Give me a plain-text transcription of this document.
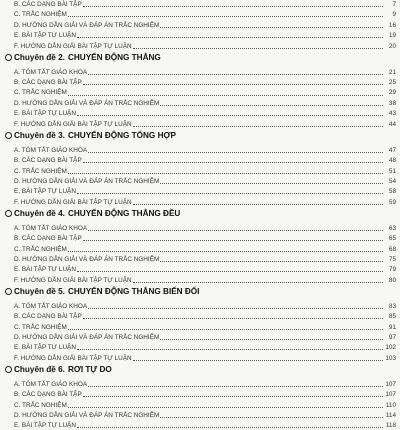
B. CÁC DẠNG BÀI TẬP	7
C. TRẮC NGHIỆM	9
D. HƯỚNG DẪN GIẢI VÀ ĐÁP ÁN TRẮC NGHIỆM	16
E. BÀI TẬP TỰ LUẬN	19
F. HƯỚNG DẪN GIẢI BÀI TẬP TỰ LUẬN	20
Chuyên đề 2. CHUYỂN ĐỘNG THẲNG
A. TÓM TẮT GIÁO KHOA	21
B. CÁC DẠNG BÀI TẬP	25
C. TRẮC NGHIỆM	29
D. HƯỚNG DẪN GIẢI VÀ ĐÁP ÁN TRẮC NGHIỆM	38
E. BÀI TẬP TỰ LUẬN	43
F. HƯỚNG DẪN GIẢI BÀI TẬP TỰ LUẬN	44
Chuyên đề 3. CHUYỂN ĐỘNG TỔNG HỢP
A. TÓM TẮT GIÁO KHOA	47
B. CÁC DẠNG BÀI TẬP	48
C. TRẮC NGHIỆM	51
D. HƯỚNG DẪN GIẢI VÀ ĐÁP ÁN TRẮC NGHIỆM	54
E. BÀI TẬP TỰ LUẬN	58
F. HƯỚNG DẪN GIẢI BÀI TẬP TỰ LUẬN	59
Chuyên đề 4. CHUYỂN ĐỘNG THẲNG ĐỀU
A. TÓM TẮT GIÁO KHOA	63
B. CÁC DẠNG BÀI TẬP	65
C. TRẮC NGHIỆM	68
D. HƯỚNG DẪN GIẢI VÀ ĐÁP ÁN TRẮC NGHIỆM	75
E. BÀI TẬP TỰ LUẬN	79
F. HƯỚNG DẪN GIẢI BÀI TẬP TỰ LUẬN	80
Chuyên đề 5. CHUYỂN ĐỘNG THẲNG BIẾN ĐỔI
A. TÓM TẮT GIÁO KHOA	83
B. CÁC DẠNG BÀI TẬP	85
C. TRẮC NGHIỆM	91
D. HƯỚNG DẪN GIẢI VÀ ĐÁP ÁN TRẮC NGHIỆM	97
E. BÀI TẬP TỰ LUẬN	102
F. HƯỚNG DẪN GIẢI BÀI TẬP TỰ LUẬN	103
Chuyên đề 6. RƠI TỰ DO
A. TÓM TẮT GIÁO KHOA	107
B. CÁC DẠNG BÀI TẬP	107
C. TRẮC NGHIỆM	110
D. HƯỚNG DẪN GIẢI VÀ ĐÁP ÁN TRẮC NGHIỆM	114
E. BÀI TẬP TỰ LUẬN	118
